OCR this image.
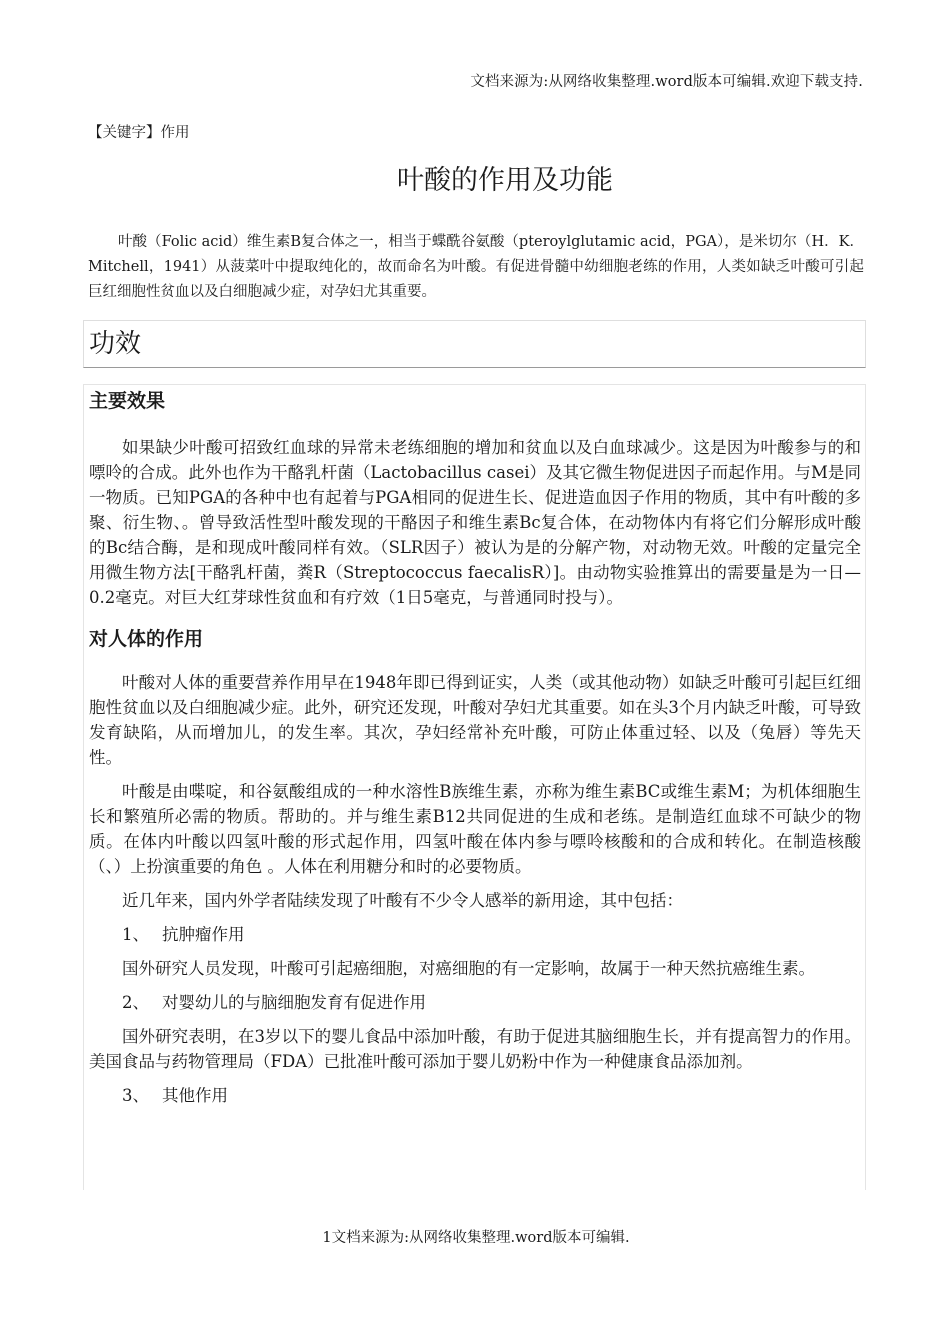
文档来源为:从网络收集整理.word版本可编辑.欢迎下载支持.
【关键字】作用
叶酸的作用及功能

叶酸（Folic acid）维生素B复合体之一，相当于蝶酰谷氨酸（pteroylglutamic acid，PGA），是米切尔（H．K．Mitchell，1941）从菠菜叶中提取纯化的，故而命名为叶酸。有促进骨髓中幼细胞老练的作用，人类如缺乏叶酸可引起巨红细胞性贫血以及白细胞减少症，对孕妇尤其重要。

功效
主要效果

如果缺少叶酸可招致红血球的异常未老练细胞的增加和贫血以及白血球减少。这是因为叶酸参与的和嘌呤的合成。此外也作为干酪乳杆菌（Lactobacillus casei）及其它微生物促进因子而起作用。与M是同一物质。已知PGA的各种中也有起着与PGA相同的促进生长、促进造血因子作用的物质，其中有叶酸的多聚、衍生物、。曾导致活性型叶酸发现的干酪因子和维生素Bc复合体，在动物体内有将它们分解形成叶酸的Bc结合酶，是和现成叶酸同样有效。（SLR因子）被认为是的分解产物，对动物无效。叶酸的定量完全用微生物方法[干酪乳杆菌，粪R（Streptococcus faecalisR）]。由动物实验推算出的需要量是为一日—0.2毫克。对巨大红芽球性贫血和有疗效（1日5毫克，与普通同时投与）。

对人体的作用

叶酸对人体的重要营养作用早在1948年即已得到证实，人类（或其他动物）如缺乏叶酸可引起巨红细胞性贫血以及白细胞减少症。此外，研究还发现，叶酸对孕妇尤其重要。如在头3个月内缺乏叶酸，可导致发育缺陷，从而增加儿，的发生率。其次，孕妇经常补充叶酸，可防止体重过轻、以及（兔唇）等先天性。

叶酸是由喋啶，和谷氨酸组成的一种水溶性B族维生素，亦称为维生素BC或维生素M；为机体细胞生长和繁殖所必需的物质。帮助的。并与维生素B12共同促进的生成和老练。是制造红血球不可缺少的物质。在体内叶酸以四氢叶酸的形式起作用，四氢叶酸在体内参与嘌呤核酸和的合成和转化。在制造核酸（、）上扮演重要的角色 。人体在利用糖分和时的必要物质。

近几年来，国内外学者陆续发现了叶酸有不少令人感举的新用途，其中包括：

1、 抗肿瘤作用

国外研究人员发现，叶酸可引起癌细胞，对癌细胞的有一定影响，故属于一种天然抗癌维生素。

2、 对婴幼儿的与脑细胞发育有促进作用

国外研究表明，在3岁以下的婴儿食品中添加叶酸，有助于促进其脑细胞生长，并有提高智力的作用。美国食品与药物管理局（FDA）已批准叶酸可添加于婴儿奶粉中作为一种健康食品添加剂。

3、 其他作用

1文档来源为:从网络收集整理.word版本可编辑.
